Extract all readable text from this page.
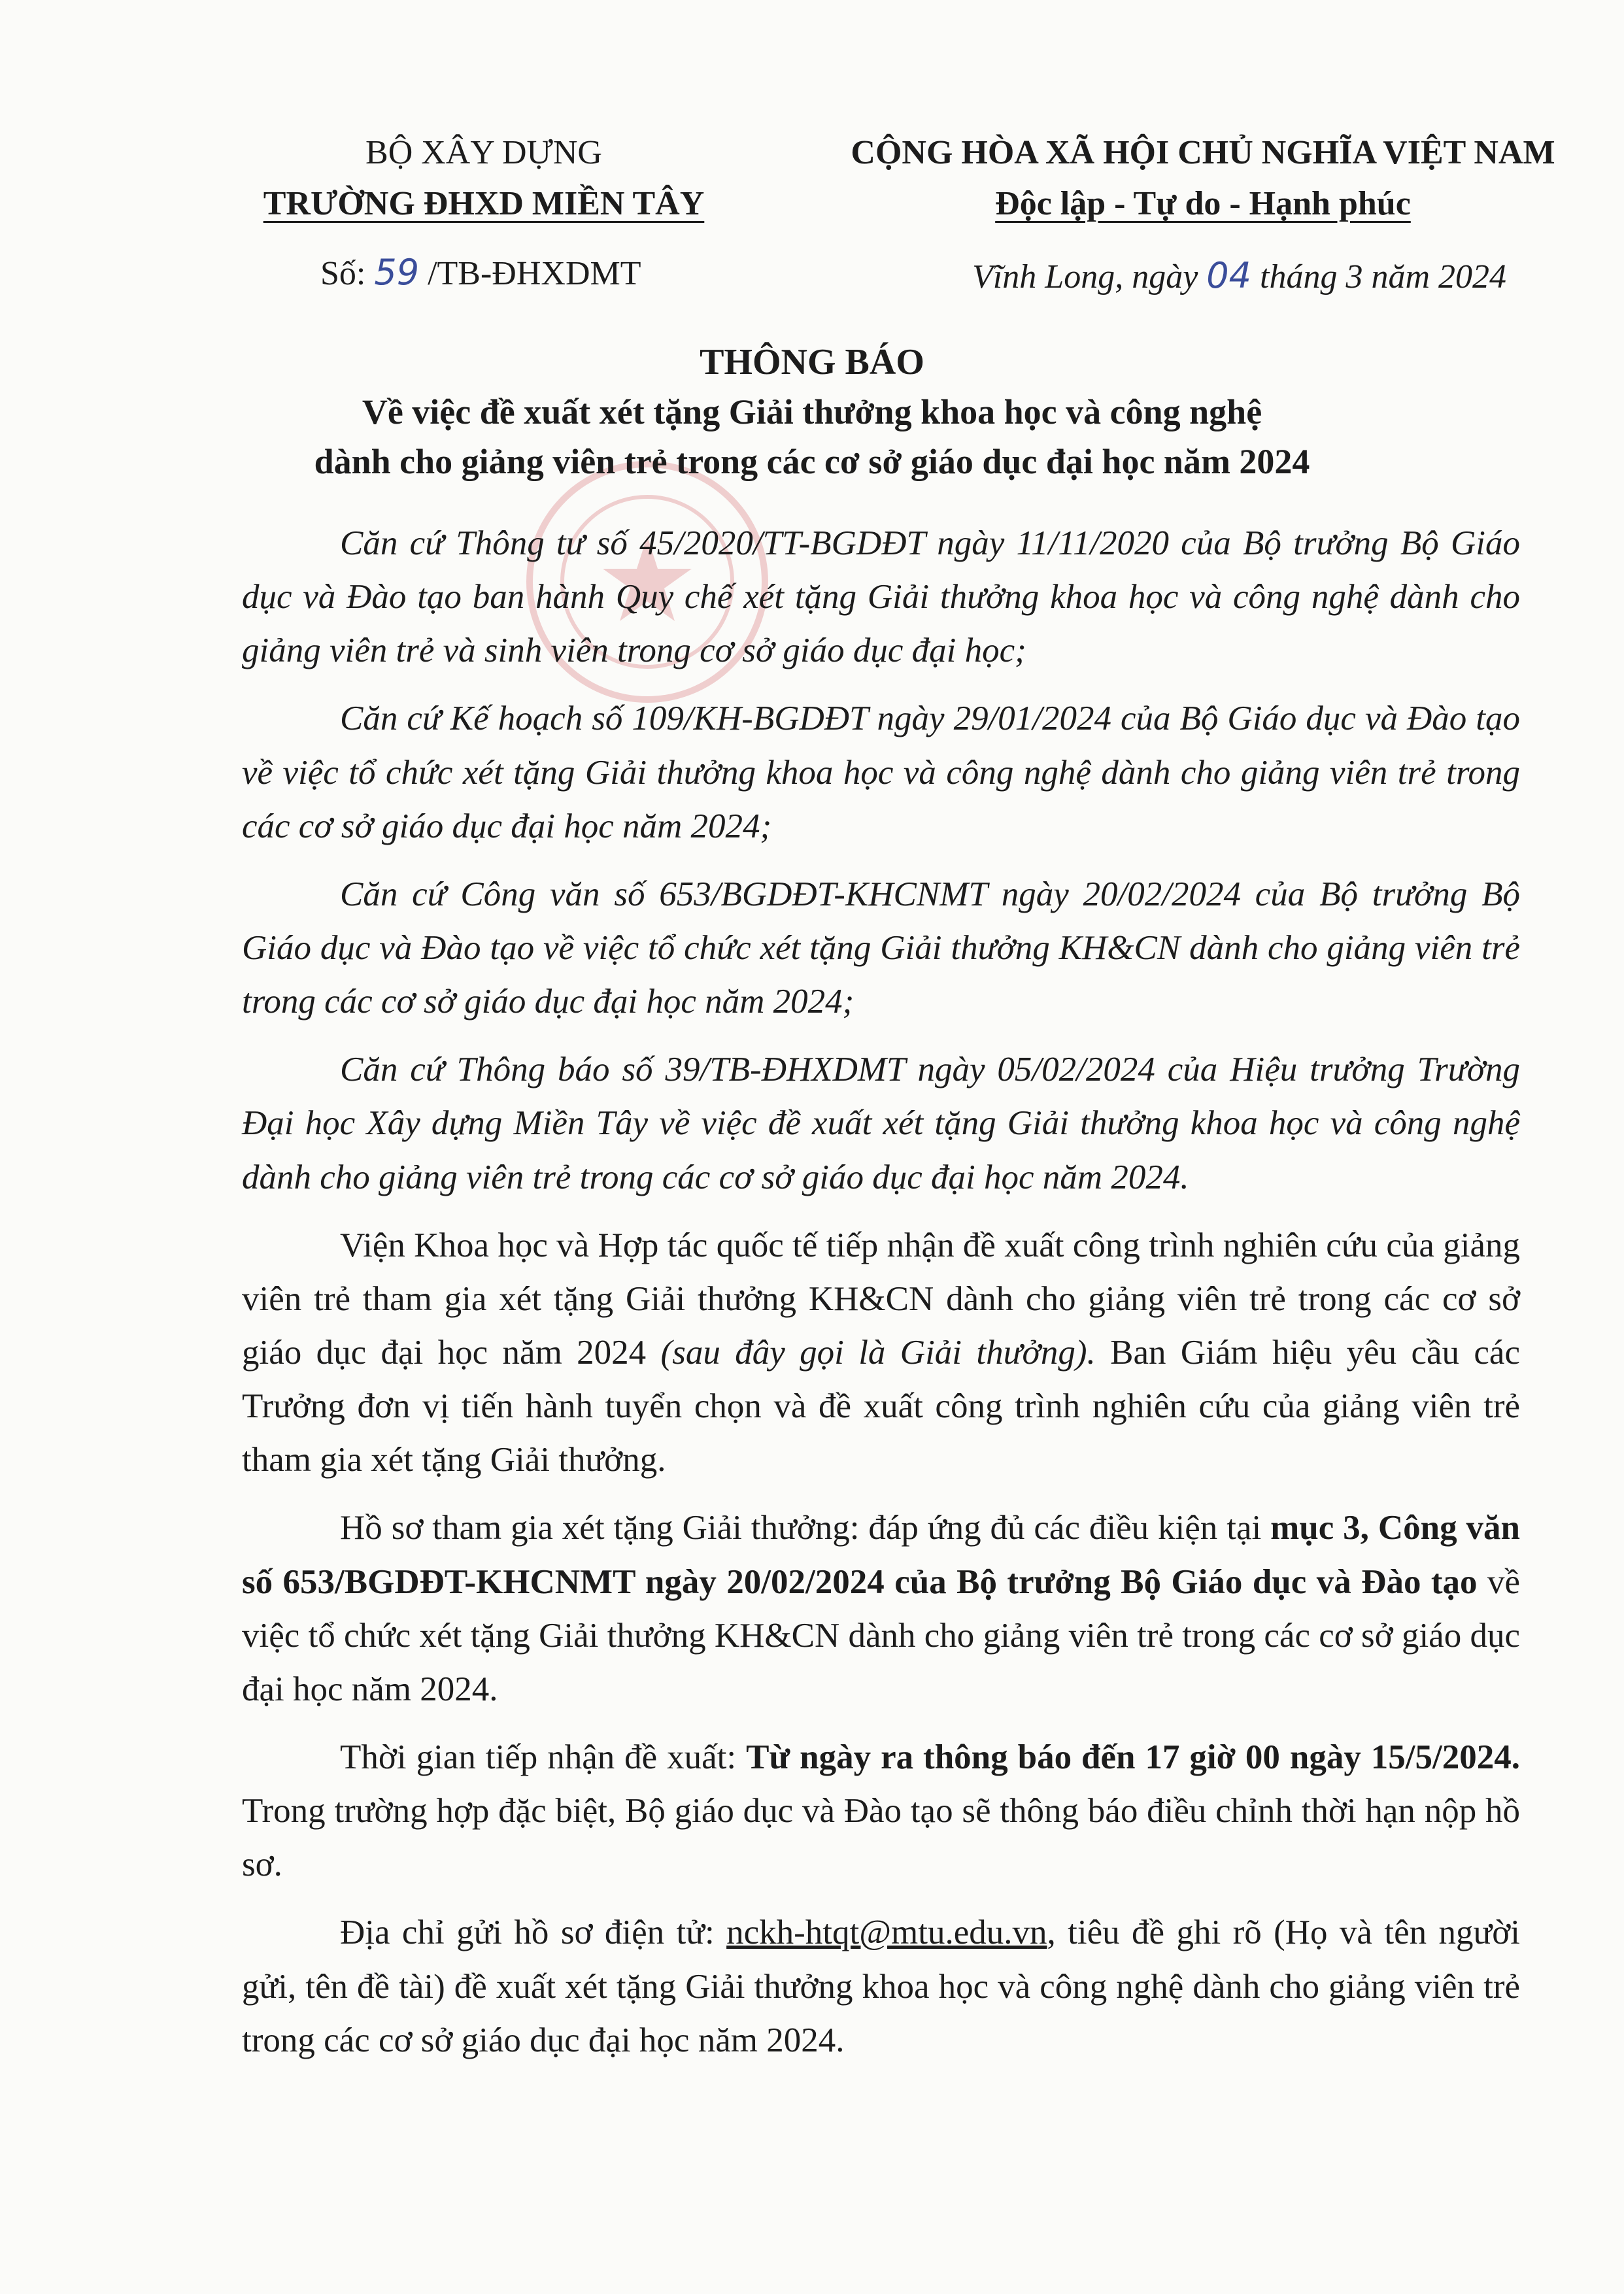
BỘ XÂY DỰNG
TRƯỜNG ĐHXD MIỀN TÂY
Số: 59 /TB-ĐHXDMT
CỘNG HÒA XÃ HỘI CHỦ NGHĨA VIỆT NAM
Độc lập - Tự do - Hạnh phúc
Vĩnh Long, ngày 04 tháng 3 năm 2024
THÔNG BÁO
Về việc đề xuất xét tặng Giải thưởng khoa học và công nghệ
dành cho giảng viên trẻ trong các cơ sở giáo dục đại học năm 2024

Căn cứ Thông tư số 45/2020/TT-BGDĐT ngày 11/11/2020 của Bộ trưởng Bộ Giáo dục và Đào tạo ban hành Quy chế xét tặng Giải thưởng khoa học và công nghệ dành cho giảng viên trẻ và sinh viên trong cơ sở giáo dục đại học;

Căn cứ Kế hoạch số 109/KH-BGDĐT ngày 29/01/2024 của Bộ Giáo dục và Đào tạo về việc tổ chức xét tặng Giải thưởng khoa học và công nghệ dành cho giảng viên trẻ trong các cơ sở giáo dục đại học năm 2024;

Căn cứ Công văn số 653/BGDĐT-KHCNMT ngày 20/02/2024 của Bộ trưởng Bộ Giáo dục và Đào tạo về việc tổ chức xét tặng Giải thưởng KH&CN dành cho giảng viên trẻ trong các cơ sở giáo dục đại học năm 2024;

Căn cứ Thông báo số 39/TB-ĐHXDMT ngày 05/02/2024 của Hiệu trưởng Trường Đại học Xây dựng Miền Tây về việc đề xuất xét tặng Giải thưởng khoa học và công nghệ dành cho giảng viên trẻ trong các cơ sở giáo dục đại học năm 2024.

Viện Khoa học và Hợp tác quốc tế tiếp nhận đề xuất công trình nghiên cứu của giảng viên trẻ tham gia xét tặng Giải thưởng KH&CN dành cho giảng viên trẻ trong các cơ sở giáo dục đại học năm 2024 (sau đây gọi là Giải thưởng). Ban Giám hiệu yêu cầu các Trưởng đơn vị tiến hành tuyển chọn và đề xuất công trình nghiên cứu của giảng viên trẻ tham gia xét tặng Giải thưởng.

Hồ sơ tham gia xét tặng Giải thưởng: đáp ứng đủ các điều kiện tại mục 3, Công văn số 653/BGDĐT-KHCNMT ngày 20/02/2024 của Bộ trưởng Bộ Giáo dục và Đào tạo về việc tổ chức xét tặng Giải thưởng KH&CN dành cho giảng viên trẻ trong các cơ sở giáo dục đại học năm 2024.

Thời gian tiếp nhận đề xuất: Từ ngày ra thông báo đến 17 giờ 00 ngày 15/5/2024. Trong trường hợp đặc biệt, Bộ giáo dục và Đào tạo sẽ thông báo điều chỉnh thời hạn nộp hồ sơ.

Địa chỉ gửi hồ sơ điện tử: nckh-htqt@mtu.edu.vn, tiêu đề ghi rõ (Họ và tên người gửi, tên đề tài) đề xuất xét tặng Giải thưởng khoa học và công nghệ dành cho giảng viên trẻ trong các cơ sở giáo dục đại học năm 2024.
